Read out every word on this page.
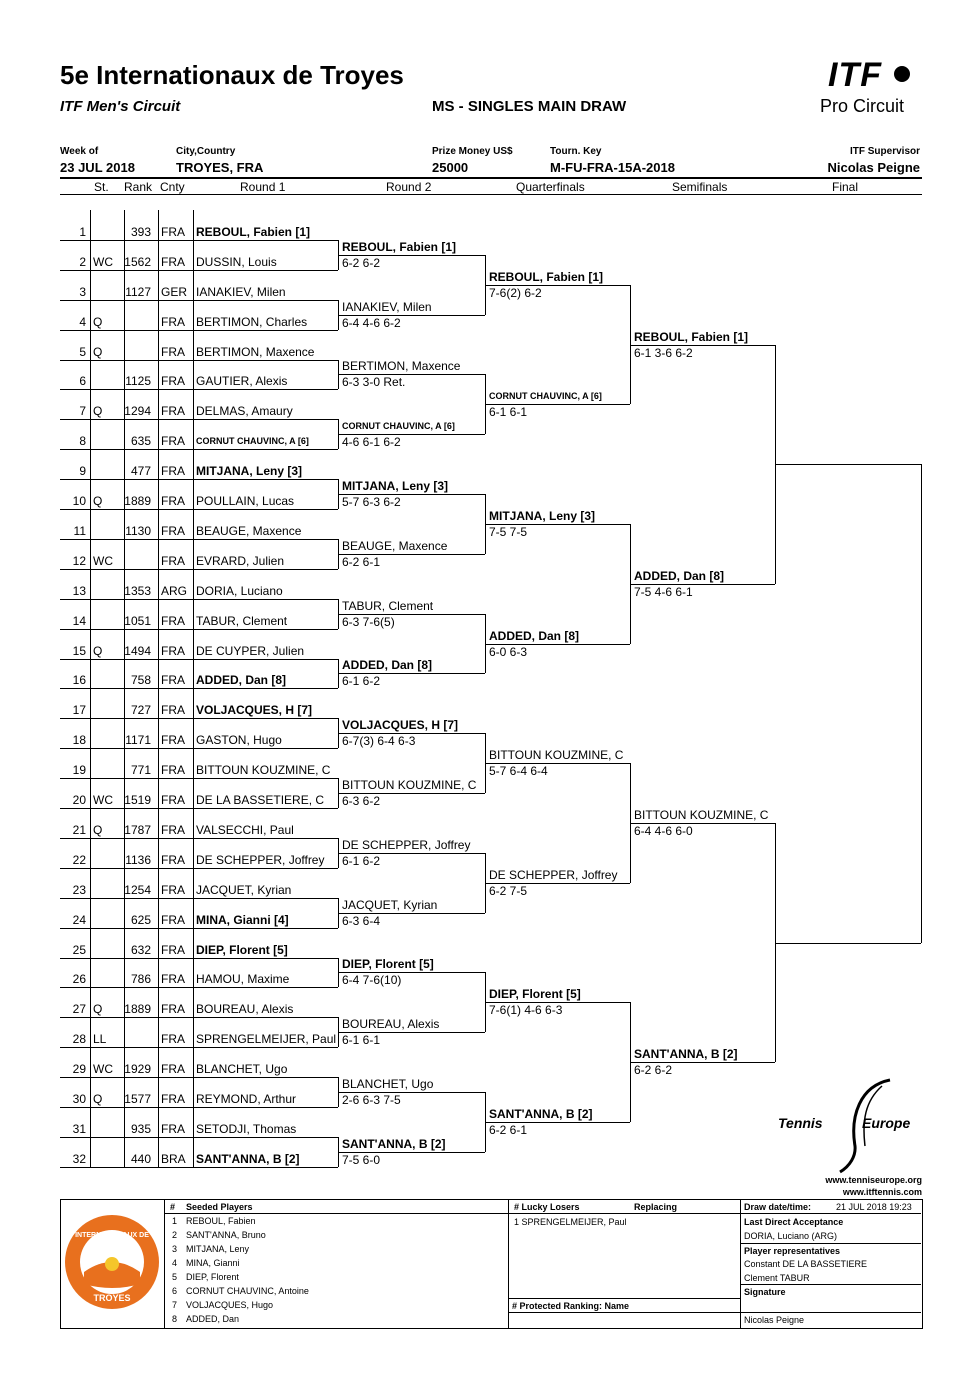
5e Internationaux de Troyes
ITF Men's Circuit	MS - SINGLES MAIN DRAW
ITF
Pro Circuit
Week of
23 JUL 2018
City,Country
TROYES, FRA
Prize Money US$
25000
Tourn. Key
M-FU-FRA-15A-2018
ITF Supervisor
Nicolas Peigne
St. Rank Cnty	Round 1	Round 2	Quarterfinals	Semifinals	Final
1	393 FRA REBOUL, Fabien [1]
2 WC 1562 FRA DUSSIN, Louis
3	1127 GER IANAKIEV, Milen
4 Q	FRA BERTIMON, Charles
5 Q	FRA BERTIMON, Maxence
6	1125 FRA GAUTIER, Alexis
7 Q 1294 FRA DELMAS, Amaury
8	635 FRA CORNUT CHAUVINC, A [6]
9	477 FRA MITJANA, Leny [3]
10 Q 1889 FRA POULLAIN, Lucas
11	1130 FRA BEAUGE, Maxence
12 WC	FRA EVRARD, Julien
13	1353 ARG DORIA, Luciano
14	1051 FRA TABUR, Clement
15 Q 1494 FRA DE CUYPER, Julien
16	758 FRA ADDED, Dan [8]
17	727 FRA VOLJACQUES, H [7]
18	1171 FRA GASTON, Hugo
19	771 FRA BITTOUN KOUZMINE, C
20 WC 1519 FRA DE LA BASSETIERE, C
21 Q 1787 FRA VALSECCHI, Paul
22	1136 FRA DE SCHEPPER, Joffrey
23	1254 FRA JACQUET, Kyrian
24	625 FRA MINA, Gianni [4]
25	632 FRA DIEP, Florent [5]
26	786 FRA HAMOU, Maxime
27 Q 1889 FRA BOUREAU, Alexis
28 LL	FRA SPRENGELMEIJER, Paul
29 WC 1929 FRA BLANCHET, Ugo
30 Q 1577 FRA REYMOND, Arthur
31	935 FRA SETODJI, Thomas
32	440 BRA SANT'ANNA, B [2]
REBOUL, Fabien [1]
6-2 6-2
IANAKIEV, Milen
6-4 4-6 6-2
BERTIMON, Maxence
6-3 3-0 Ret.
CORNUT CHAUVINC, A [6]
4-6 6-1 6-2
MITJANA, Leny [3]
5-7 6-3 6-2
BEAUGE, Maxence
6-2 6-1
TABUR, Clement
6-3 7-6(5)
ADDED, Dan [8]
6-1 6-2
VOLJACQUES, H [7]
6-7(3) 6-4 6-3
BITTOUN KOUZMINE, C
6-3 6-2
DE SCHEPPER, Joffrey
6-1 6-2
JACQUET, Kyrian
6-3 6-4
DIEP, Florent [5]
6-4 7-6(10)
BOUREAU, Alexis
6-1 6-1
BLANCHET, Ugo
2-6 6-3 7-5
SANT'ANNA, B [2]
7-5 6-0
REBOUL, Fabien [1]
7-6(2) 6-2
CORNUT CHAUVINC, A [6]
6-1 6-1
MITJANA, Leny [3]
7-5 7-5
ADDED, Dan [8]
6-0 6-3
BITTOUN KOUZMINE, C
5-7 6-4 6-4
DE SCHEPPER, Joffrey
6-2 7-5
DIEP, Florent [5]
7-6(1) 4-6 6-3
SANT'ANNA, B [2]
6-2 6-1
REBOUL, Fabien [1]
6-1 3-6 6-2
ADDED, Dan [8]
7-5 4-6 6-1
BITTOUN KOUZMINE, C
6-4 4-6 6-0
SANT'ANNA, B [2]
6-2 6-2
Tennis	Europe
www.tenniseurope.org
www.itftennis.com
INTERNATIONAUX DE TENNIS
TROYES
# Seeded Players
1 REBOUL, Fabien
2 SANT'ANNA, Bruno
3 MITJANA, Leny
4 MINA, Gianni
5 DIEP, Florent
6 CORNUT CHAUVINC, Antoine
7 VOLJACQUES, Hugo
8 ADDED, Dan
# Lucky Losers	Replacing
1 SPRENGELMEIJER, Paul
# Protected Ranking: Name
Draw date/time:	21 JUL 2018 19:23
Last Direct Acceptance
DORIA, Luciano (ARG)
Player representatives
Constant DE LA BASSETIERE
Clement TABUR
Signature
Nicolas Peigne
